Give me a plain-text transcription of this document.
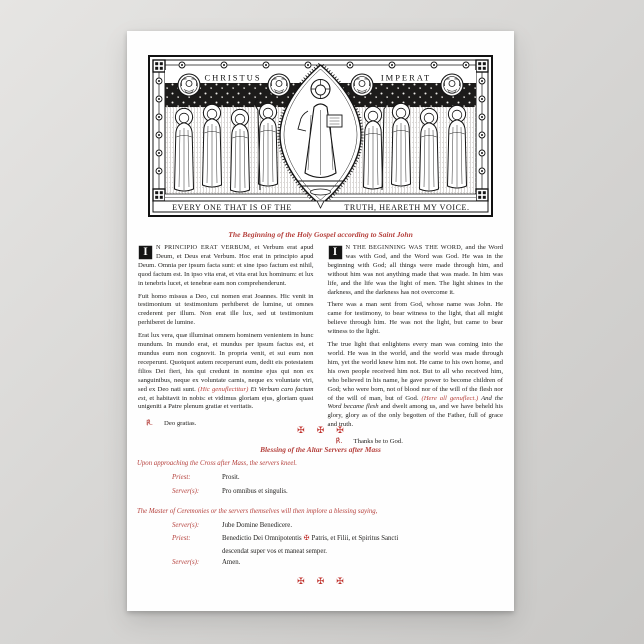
CHRISTUS	IMPERAT
EVERY ONE THAT IS OF THE	TRUTH, HEARETH MY VOICE.
The Beginning of the Holy Gospel according to Saint John

I	N PRINCIPIO ERAT VERBUM, et Verbum erat apud Deum, et Deus erat Verbum. Hoc erat in principio apud Deum. Omnia per ipsum facta sunt: et sine ipso factum est nihil, quod factum est. In ipso vita erat, et vita erat lux hominum: et lux in tenebris lucet, et tenebræ eam non comprehenderunt.

Fuit homo missus a Deo, cui nomen erat Joannes. Hic venit in testimonium ut testimonium perhiberet de lumine, ut omnes crederent per illum. Non erat ille lux, sed ut testimonium perhiberet de lumine.

Erat lux vera, quæ illuminat omnem hominem venientem in hunc mundum. In mundo erat, et mundus per ipsum factus est, et mundus eum non cognovit. In propria venit, et sui eum non receperunt. Quotquot autem receperunt eum, dedit eis potestatem filios Dei fieri, his qui credunt in nomine ejus qui non ex sanguinibus, neque ex voluntate carnis, neque ex voluntate viri, sed ex Deo nati sunt. (Hic genuflectitur) Et Verbum caro factum est, et habitavit in nobis: et vidimus gloriam ejus, gloriam quasi unigeniti a Patre plenum gratiæ et veritatis.

℟. Deo gratias.

I	N THE BEGINNING WAS THE WORD, and the Word was with God, and the Word was God. He was in the beginning with God; all things were made through him, and without him was not anything made that was made. In him was life, and the life was the light of men. The light shines in the darkness, and the darkness has not overcome it.

There was a man sent from God, whose name was John. He came for testimony, to bear witness to the light, that all might believe through him. He was not the light, but came to bear witness to the light.

The true light that enlightens every man was coming into the world. He was in the world, and the world was made through him, yet the world knew him not. He came to his own home, and his own people received him not. But to all who received him, who believed in his name, he gave power to become children of God; who were born, not of blood nor of the will of the flesh nor of the will of man, but of God. (Here all genuflect.) And the Word became flesh and dwelt among us, and we have beheld his glory, glory as of the only begotten of the Father, full of grace and truth.

℟. Thanks be to God.
✠ ✠ ✠
Blessing of the Altar Servers after Mass
Upon approaching the Cross after Mass, the servers kneel.
Priest:	Prosit.
Server(s):	Pro omnibus et singulis.
The Master of Ceremonies or the servers themselves will then implore a blessing saying,
Server(s):	Jube Domine Benedicere.
Priest:	Benedictio Dei Omnipotentis ✠ Patris, et Filii, et Spiritus Sancti
descendat super vos et maneat semper.
Server(s):	Amen.
✠ ✠ ✠
